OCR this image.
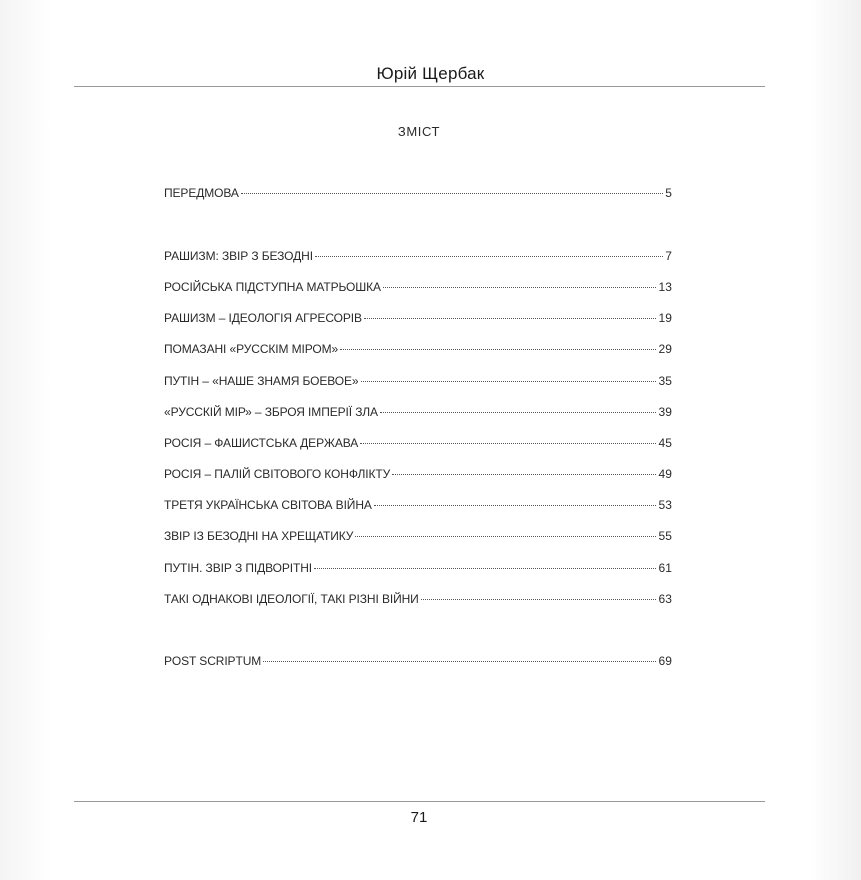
Юрій Щербак
ЗМІСТ
ПЕРЕДМОВА	5
РАШИЗМ: ЗВІР З БЕЗОДНІ	7
РОСІЙСЬКА ПІДСТУПНА МАТРЬОШКА	13
РАШИЗМ – ІДЕОЛОГІЯ АГРЕСОРІВ	19
ПОМАЗАНІ «РУССКІМ МІРОМ»	29
ПУТІН – «НАШЕ ЗНАМЯ БОЕВОЕ»	35
«РУССКІЙ МІР» – ЗБРОЯ ІМПЕРІЇ ЗЛА	39
РОСІЯ – ФАШИСТСЬКА ДЕРЖАВА	45
РОСІЯ – ПАЛІЙ СВІТОВОГО КОНФЛІКТУ	49
ТРЕТЯ УКРАЇНСЬКА СВІТОВА ВІЙНА	53
ЗВІР ІЗ БЕЗОДНІ НА ХРЕЩАТИКУ	55
ПУТІН. ЗВІР З ПІДВОРІТНІ	61
ТАКІ ОДНАКОВІ ІДЕОЛОГІЇ, ТАКІ РІЗНІ ВІЙНИ	63
POST SCRIPTUM	69
71
